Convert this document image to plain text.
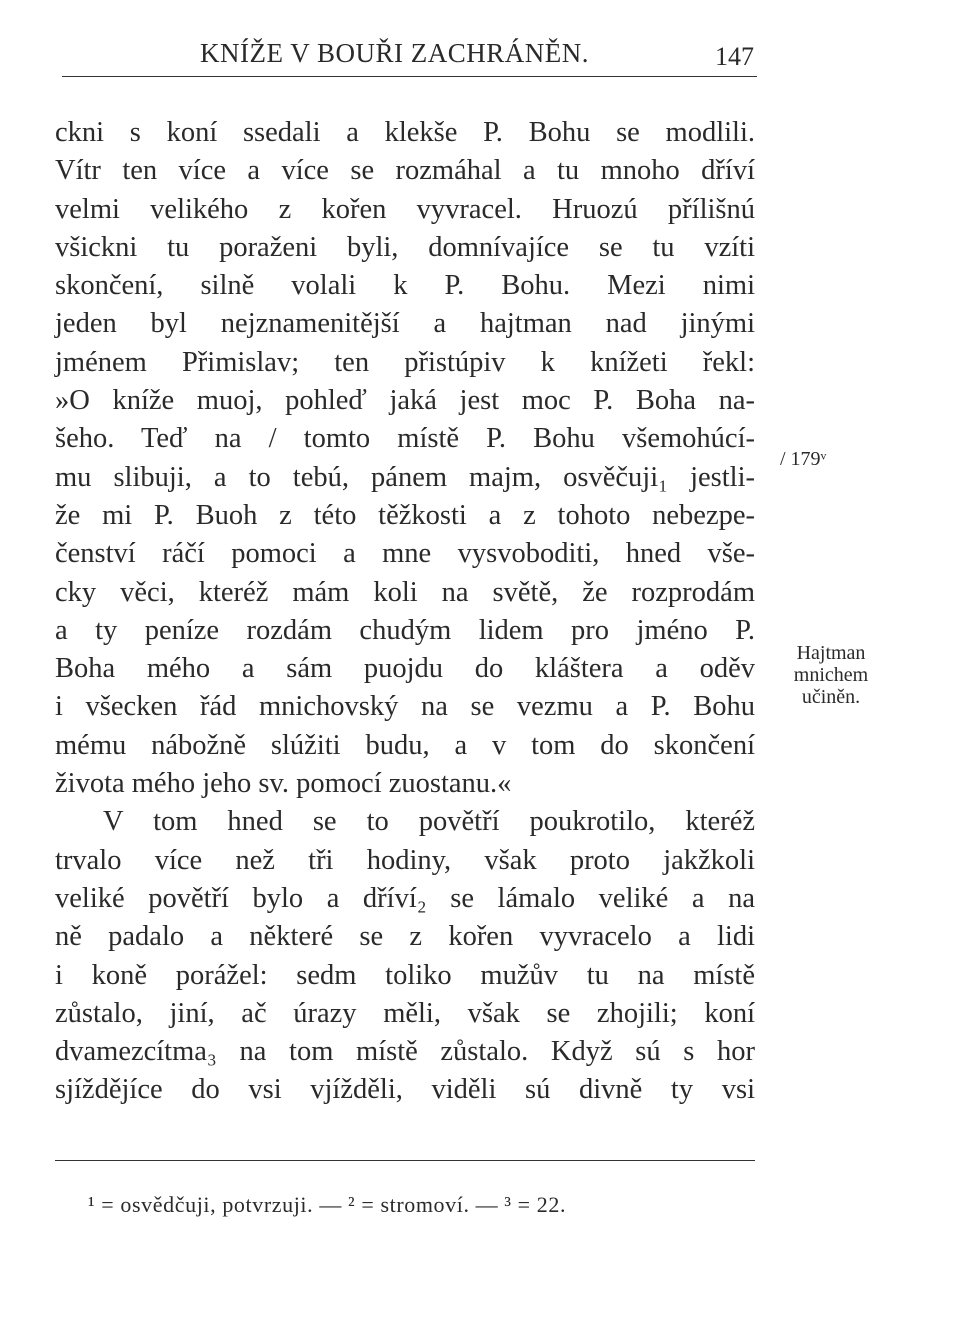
KNÍŽE V BOUŘI ZACHRÁNĚN.	147
ckni s koní ssedali a klekše P. Bohu se modlili.
Vítr ten více a více se rozmáhal a tu mnoho dříví
velmi velikého z kořen vyvracel. Hruozú přílišnú
všickni tu poraženi byli, domnívajíce se tu vzíti
skončení, silně volali k P. Bohu. Mezi nimi
jeden byl nejznamenitější a hajtman nad jinými
jménem Přimislav; ten přistúpiv k knížeti řekl:
»O kníže muoj, pohleď jaká jest moc P. Boha na-
šeho. Teď na / tomto místě P. Bohu všemohúcí-
mu slibuji, a to tebú, pánem majm, osvěčuji₁ jestli-
že mi P. Buoh z této těžkosti a z tohoto nebezpe-
čenství ráčí pomoci a mne vysvoboditi, hned vše-
cky věci, kteréž mám koli na světě, že rozprodám
a ty peníze rozdám chudým lidem pro jméno P.
Boha mého a sám puojdu do kláštera a oděv
i všecken řád mnichovský na se vezmu a P. Bohu
mému nábožně slúžiti budu, a v tom do skončení
života mého jeho sv. pomocí zuostanu.«
V tom hned se to povětří poukrotilo, kteréž
trvalo více než tři hodiny, však proto jakžkoli
veliké povětří bylo a dříví₂ se lámalo veliké a na
ně padalo a některé se z kořen vyvracelo a lidi
i koně porážel: sedm toliko mužův tu na místě
zůstalo, jiní, ač úrazy měli, však se zhojili; koní
dvamezcítma₃ na tom místě zůstalo. Když sú s hor
sjíždějíce do vsi vjížděli, viděli sú divně ty vsi
/ 179ᵛ
Hajtman
mnichem
učiněn.
¹ = osvědčuji, potvrzuji. — ² = stromoví. — ³ = 22.
